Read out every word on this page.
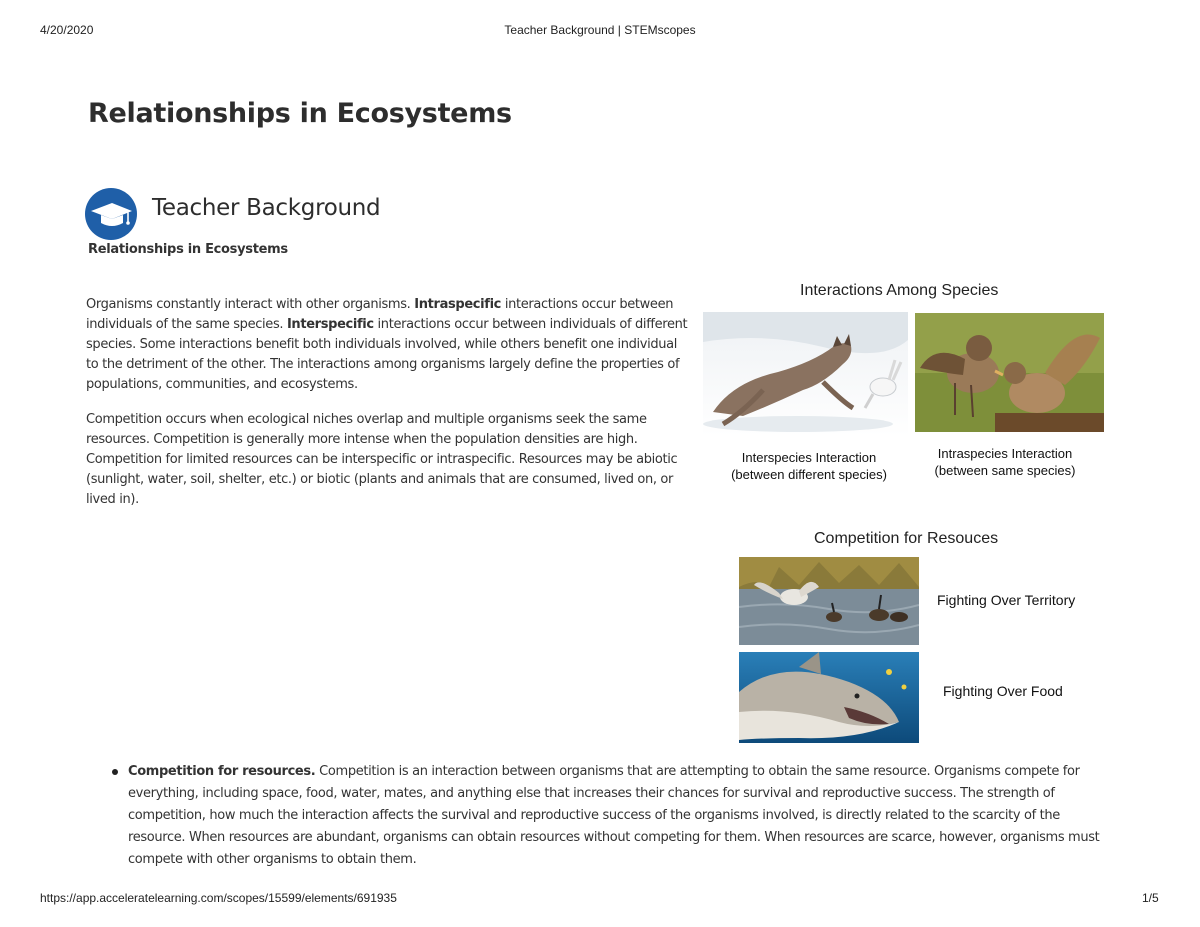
4/20/2020	Teacher Background | STEMscopes
https://app.acceleratelearning.com/scopes/15599/elements/691935	1/5
Relationships in Ecosystems
Teacher Background
Relationships in Ecosystems

Organisms constantly interact with other organisms. Intraspecific interactions occur between individuals of the same species. Interspecific interactions occur between individuals of different species. Some interactions benefit both individuals involved, while others benefit one individual to the detriment of the other. The interactions among organisms largely define the properties of populations, communities, and ecosystems.

Competition occurs when ecological niches overlap and multiple organisms seek the same resources. Competition is generally more intense when the population densities are high. Competition for limited resources can be interspecific or intraspecific. Resources may be abiotic (sunlight, water, soil, shelter, etc.) or biotic (plants and animals that are consumed, lived on, or lived in).

Interactions Among Species
Interspecies Interaction
(between different species)
Intraspecies Interaction
(between same species)
Competition for Resouces
Fighting Over Territory
Fighting Over Food
Competition for resources. Competition is an interaction between organisms that are attempting to obtain the same resource. Organisms compete for everything, including space, food, water, mates, and anything else that increases their chances for survival and reproductive success. The strength of competition, how much the interaction affects the survival and reproductive success of the organisms involved, is directly related to the scarcity of the resource. When resources are abundant, organisms can obtain resources without competing for them. When resources are scarce, however, organisms must compete with other organisms to obtain them.
